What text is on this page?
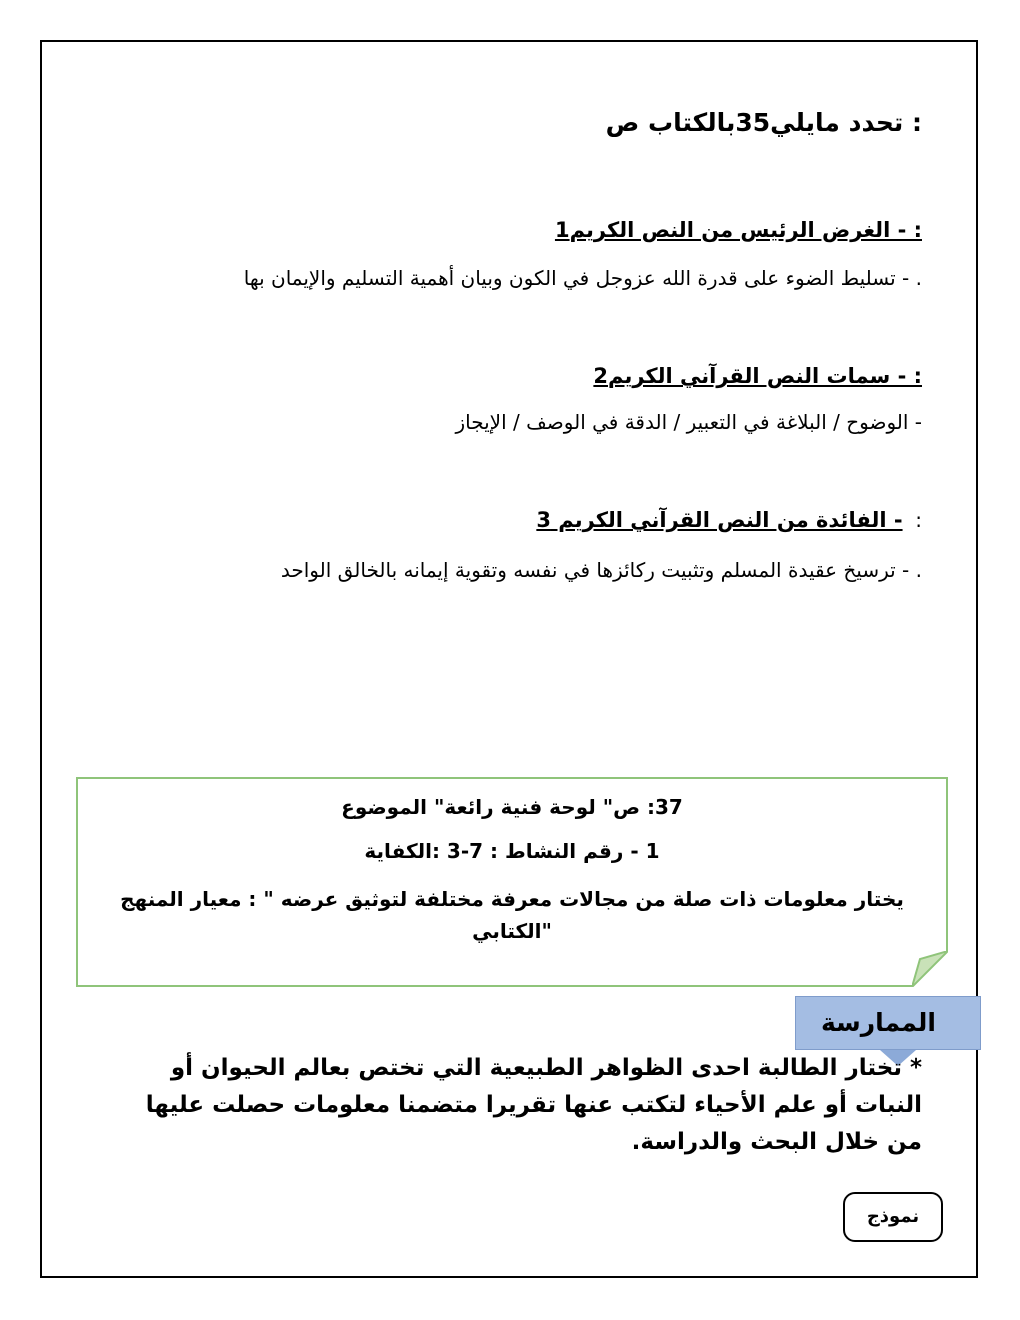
: تحدد مايلي35بالكتاب ص
: - الغرض الرئيس من النص الكريم1
. - تسليط الضوء على قدرة الله عزوجل في الكون وبيان أهمية التسليم والإيمان بها
: - سمات النص القرآني الكريم2
- الوضوح / البلاغة في التعبير / الدقة في الوصف / الإيجاز
- الفائدة من النص القرآني الكريم 3 :
. - ترسيخ عقيدة المسلم وتثبيت ركائزها في نفسه وتقوية إيمانه بالخالق الواحد
37: ص" لوحة فنية رائعة" الموضوع
1 - رقم النشاط : 7-3 :الكفاية
يختار معلومات ذات صلة من مجالات معرفة مختلفة لتوثيق عرضه " : معيار المنهج "الكتابي
الممارسة
* تختار الطالبة احدى الظواهر الطبيعية التي تختص بعالم الحيوان أو النبات أو علم الأحياء لتكتب عنها تقريرا متضمنا معلومات حصلت عليها من خلال البحث والدراسة.
نموذج
